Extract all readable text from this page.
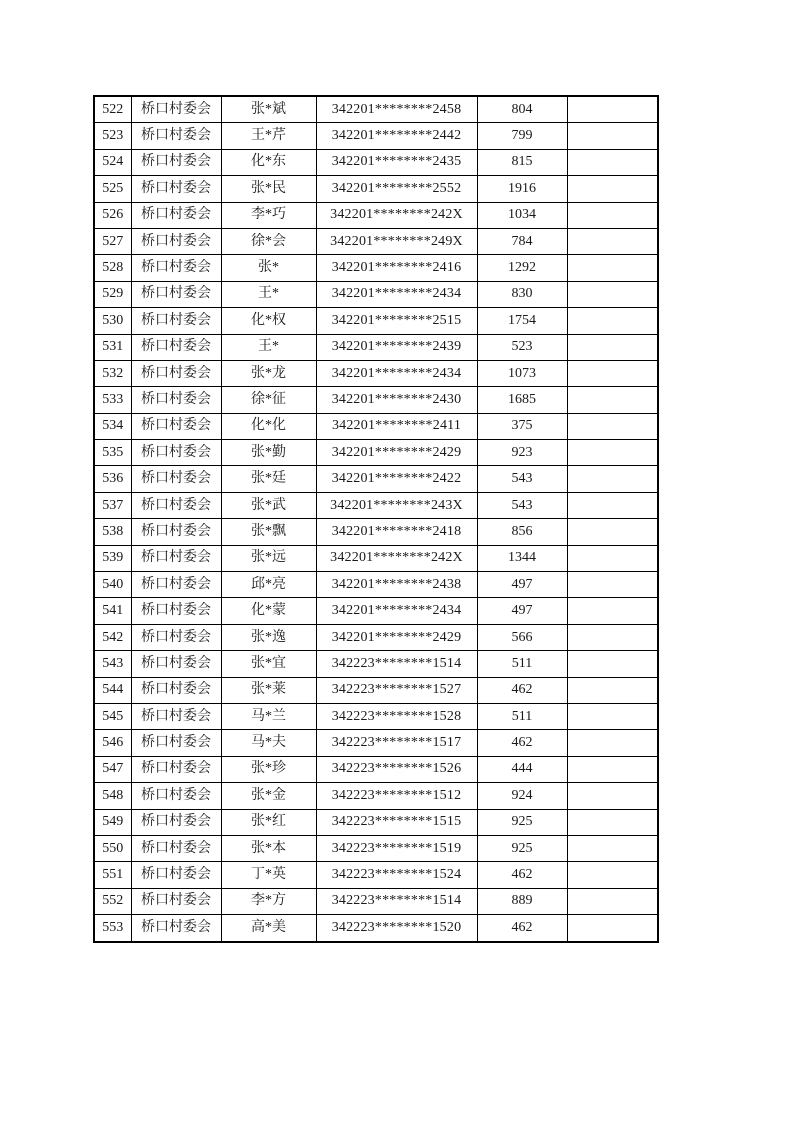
522	桥口村委会	张*斌	342201********2458	804	
523	桥口村委会	王*芹	342201********2442	799	
524	桥口村委会	化*东	342201********2435	815	
525	桥口村委会	张*民	342201********2552	1916	
526	桥口村委会	李*巧	342201********242X	1034	
527	桥口村委会	徐*会	342201********249X	784	
528	桥口村委会	张*	342201********2416	1292	
529	桥口村委会	王*	342201********2434	830	
530	桥口村委会	化*权	342201********2515	1754	
531	桥口村委会	王*	342201********2439	523	
532	桥口村委会	张*龙	342201********2434	1073	
533	桥口村委会	徐*征	342201********2430	1685	
534	桥口村委会	化*化	342201********2411	375	
535	桥口村委会	张*勤	342201********2429	923	
536	桥口村委会	张*廷	342201********2422	543	
537	桥口村委会	张*武	342201********243X	543	
538	桥口村委会	张*飘	342201********2418	856	
539	桥口村委会	张*远	342201********242X	1344	
540	桥口村委会	邱*亮	342201********2438	497	
541	桥口村委会	化*蒙	342201********2434	497	
542	桥口村委会	张*逸	342201********2429	566	
543	桥口村委会	张*宜	342223********1514	511	
544	桥口村委会	张*莱	342223********1527	462	
545	桥口村委会	马*兰	342223********1528	511	
546	桥口村委会	马*夫	342223********1517	462	
547	桥口村委会	张*珍	342223********1526	444	
548	桥口村委会	张*金	342223********1512	924	
549	桥口村委会	张*红	342223********1515	925	
550	桥口村委会	张*本	342223********1519	925	
551	桥口村委会	丁*英	342223********1524	462	
552	桥口村委会	李*方	342223********1514	889	
553	桥口村委会	高*美	342223********1520	462	
